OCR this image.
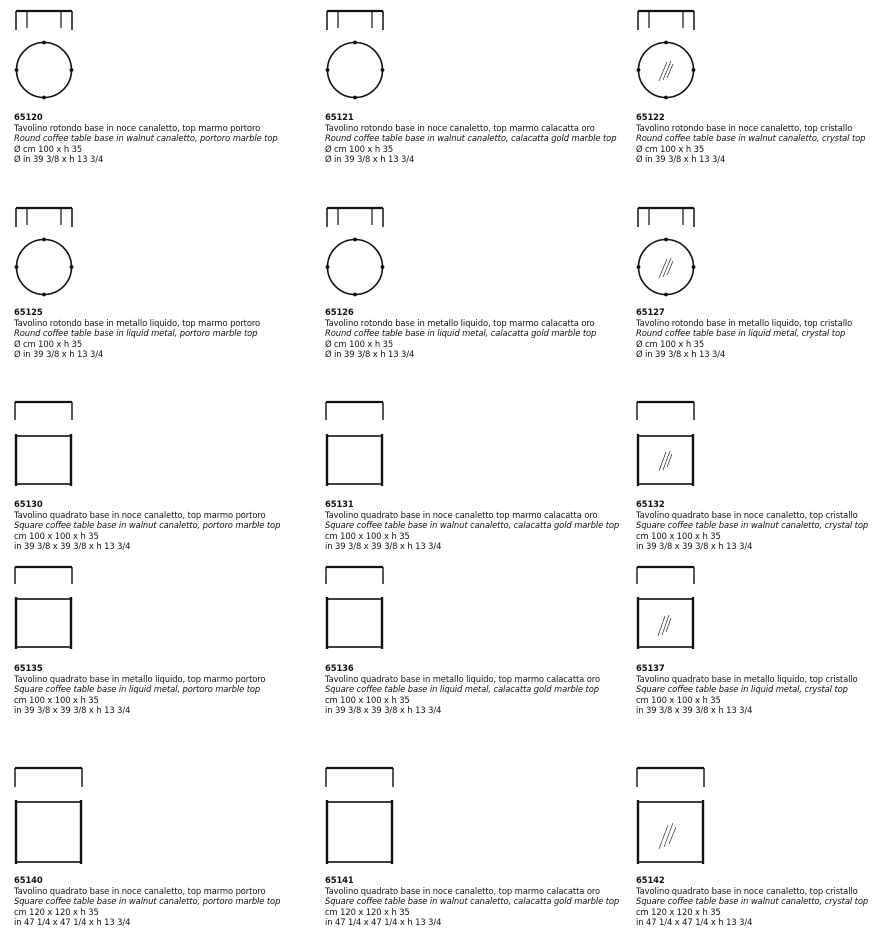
65120
Tavolino rotondo base in noce canaletto, top marmo portoro
Round coffee table base in walnut canaletto, portoro marble top
Ø cm 100 x h 35
Ø in 39 3/8 x h 13 3/4
65121
Tavolino rotondo base in noce canaletto, top marmo calacatta oro
Round coffee table base in walnut canaletto, calacatta gold marble top
Ø cm 100 x h 35
Ø in 39 3/8 x h 13 3/4
65122
Tavolino rotondo base in noce canaletto, top cristallo
Round coffee table base in walnut canaletto, crystal top
Ø cm 100 x h 35
Ø in 39 3/8 x h 13 3/4
65125
Tavolino rotondo base in metallo liquido, top marmo portoro
Round coffee table base in liquid metal, portoro marble top
Ø cm 100 x h 35
Ø in 39 3/8 x h 13 3/4
65126
Tavolino rotondo base in metallo liquido, top marmo calacatta oro
Round coffee table base in liquid metal, calacatta gold marble top
Ø cm 100 x h 35
Ø in 39 3/8 x h 13 3/4
65127
Tavolino rotondo base in metallo liquido, top cristallo
Round coffee table base in liquid metal, crystal top
Ø cm 100 x h 35
Ø in 39 3/8 x h 13 3/4
65130
Tavolino quadrato base in noce canaletto, top marmo portoro
Square coffee table base in walnut canaletto, portoro marble top
cm 100 x 100 x h 35
in 39 3/8 x 39 3/8 x h 13 3/4
65131
Tavolino quadrato base in noce canaletto top marmo calacatta oro
Square coffee table base in walnut canaletto, calacatta gold marble top
cm 100 x 100 x h 35
in 39 3/8 x 39 3/8 x h 13 3/4
65132
Tavolino quadrato base in noce canaletto, top cristallo
Square coffee table base in walnut canaletto, crystal top
cm 100 x 100 x h 35
in 39 3/8 x 39 3/8 x h 13 3/4
65135
Tavolino quadrato base in metallo liquido, top marmo portoro
Square coffee table base in liquid metal, portoro marble top
cm 100 x 100 x h 35
in 39 3/8 x 39 3/8 x h 13 3/4
65136
Tavolino quadrato base in metallo liquido, top marmo calacatta oro
Square coffee table base in liquid metal, calacatta gold marble top
cm 100 x 100 x h 35
in 39 3/8 x 39 3/8 x h 13 3/4
65137
Tavolino quadrato base in metallo liquido, top cristallo
Square coffee table base in liquid metal, crystal top
cm 100 x 100 x h 35
in 39 3/8 x 39 3/8 x h 13 3/4
65140
Tavolino quadrato base in noce canaletto, top marmo portoro
Square coffee table base in walnut canaletto, portoro marble top
cm 120 x 120 x h 35
in 47 1/4 x 47 1/4 x h 13 3/4
65141
Tavolino quadrato base in noce canaletto, top marmo calacatta oro
Square coffee table base in walnut canaletto, calacatta gold marble top
cm 120 x 120 x h 35
in 47 1/4 x 47 1/4 x h 13 3/4
65142
Tavolino quadrato base in noce canaletto, top cristallo
Square coffee table base in walnut canaletto, crystal top
cm 120 x 120 x h 35
in 47 1/4 x 47 1/4 x h 13 3/4
